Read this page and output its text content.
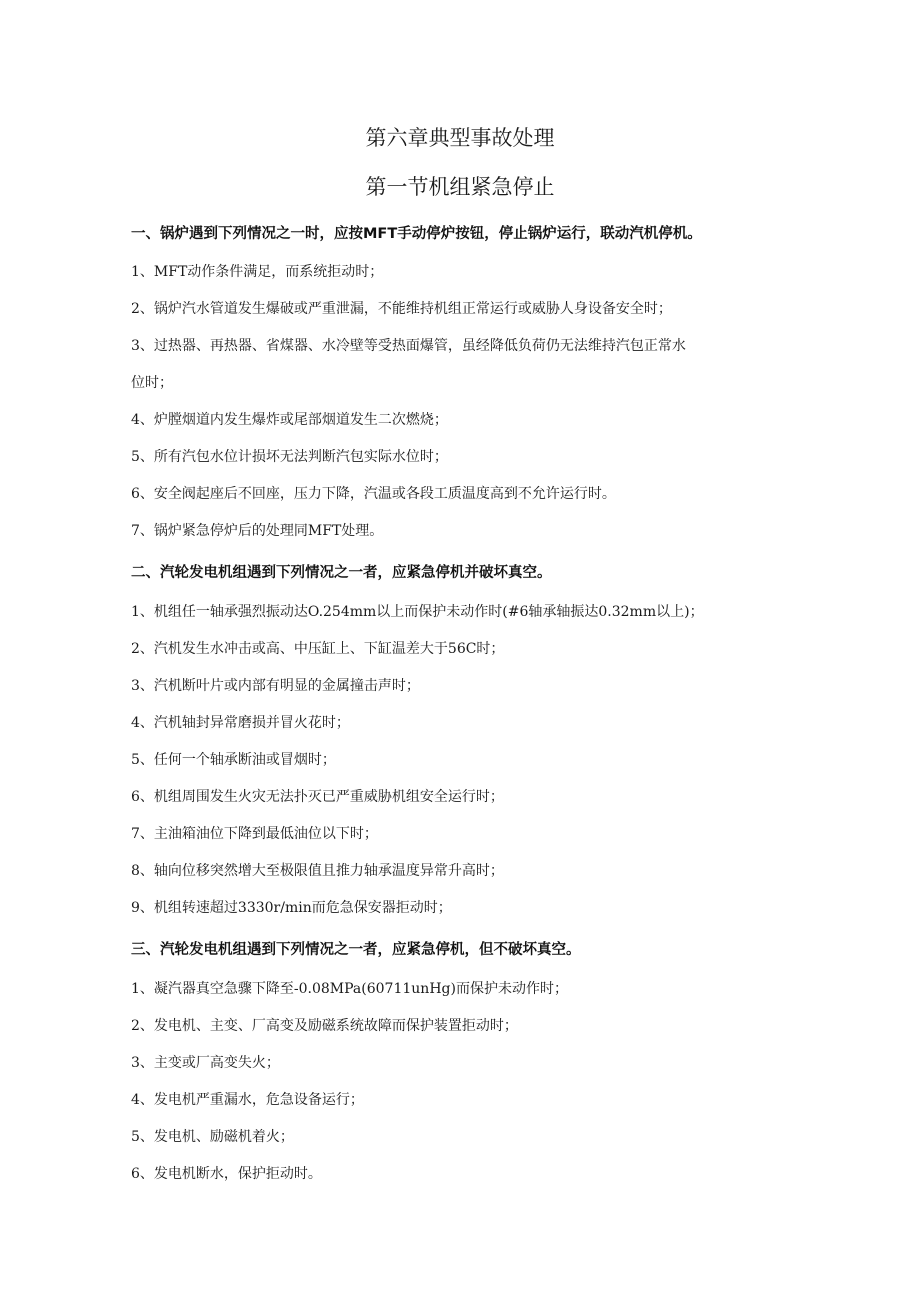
第六章典型事故处理
第一节机组紧急停止
一、锅炉遇到下列情况之一时，应按MFT手动停炉按钮，停止锅炉运行，联动汽机停机。
1、MFT动作条件满足，而系统拒动时；
2、锅炉汽水管道发生爆破或严重泄漏，不能维持机组正常运行或威胁人身设备安全时；
3、过热器、再热器、省煤器、水冷壁等受热面爆管，虽经降低负荷仍无法维持汽包正常水
位时；
4、炉膛烟道内发生爆炸或尾部烟道发生二次燃烧；
5、所有汽包水位计损坏无法判断汽包实际水位时；
6、安全阀起座后不回座，压力下降，汽温或各段工质温度高到不允许运行时。
7、锅炉紧急停炉后的处理同MFT处理。
二、汽轮发电机组遇到下列情况之一者，应紧急停机并破坏真空。
1、机组任一轴承强烈振动达O.254mm以上而保护未动作时(#6轴承轴振达0.32mm以上)；
2、汽机发生水冲击或高、中压缸上、下缸温差大于56C时；
3、汽机断叶片或内部有明显的金属撞击声时；
4、汽机轴封异常磨损并冒火花时；
5、任何一个轴承断油或冒烟时；
6、机组周围发生火灾无法扑灭已严重威胁机组安全运行时；
7、主油箱油位下降到最低油位以下时；
8、轴向位移突然增大至极限值且推力轴承温度异常升高时；
9、机组转速超过3330r/min而危急保安器拒动时；
三、汽轮发电机组遇到下列情况之一者，应紧急停机，但不破坏真空。
1、凝汽器真空急骤下降至-0.08MPa(60711unHg)而保护未动作时；
2、发电机、主变、厂高变及励磁系统故障而保护装置拒动时；
3、主变或厂高变失火；
4、发电机严重漏水，危急设备运行；
5、发电机、励磁机着火；
6、发电机断水，保护拒动时。
